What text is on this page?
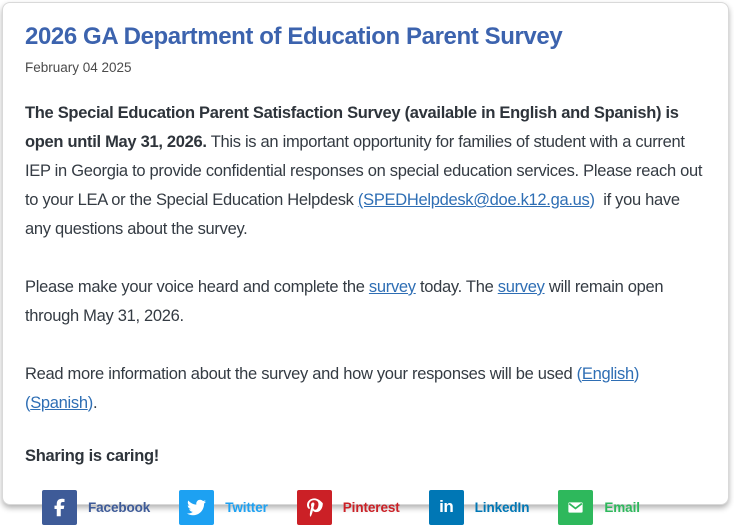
2026 GA Department of Education Parent Survey
February 04 2025

The Special Education Parent Satisfaction Survey (available in English and Spanish) is open until May 31, 2026. This is an important opportunity for families of student with a current IEP in Georgia to provide confidential responses on special education services. Please reach out to your LEA or the Special Education Helpdesk (SPEDHelpdesk@doe.k12.ga.us)  if you have any questions about the survey.

Please make your voice heard and complete the survey today. The survey will remain open through May 31, 2026.

Read more information about the survey and how your responses will be used (English) (Spanish).

Sharing is caring!

Facebook	Twitter	Pinterest in LinkedIn	Email
